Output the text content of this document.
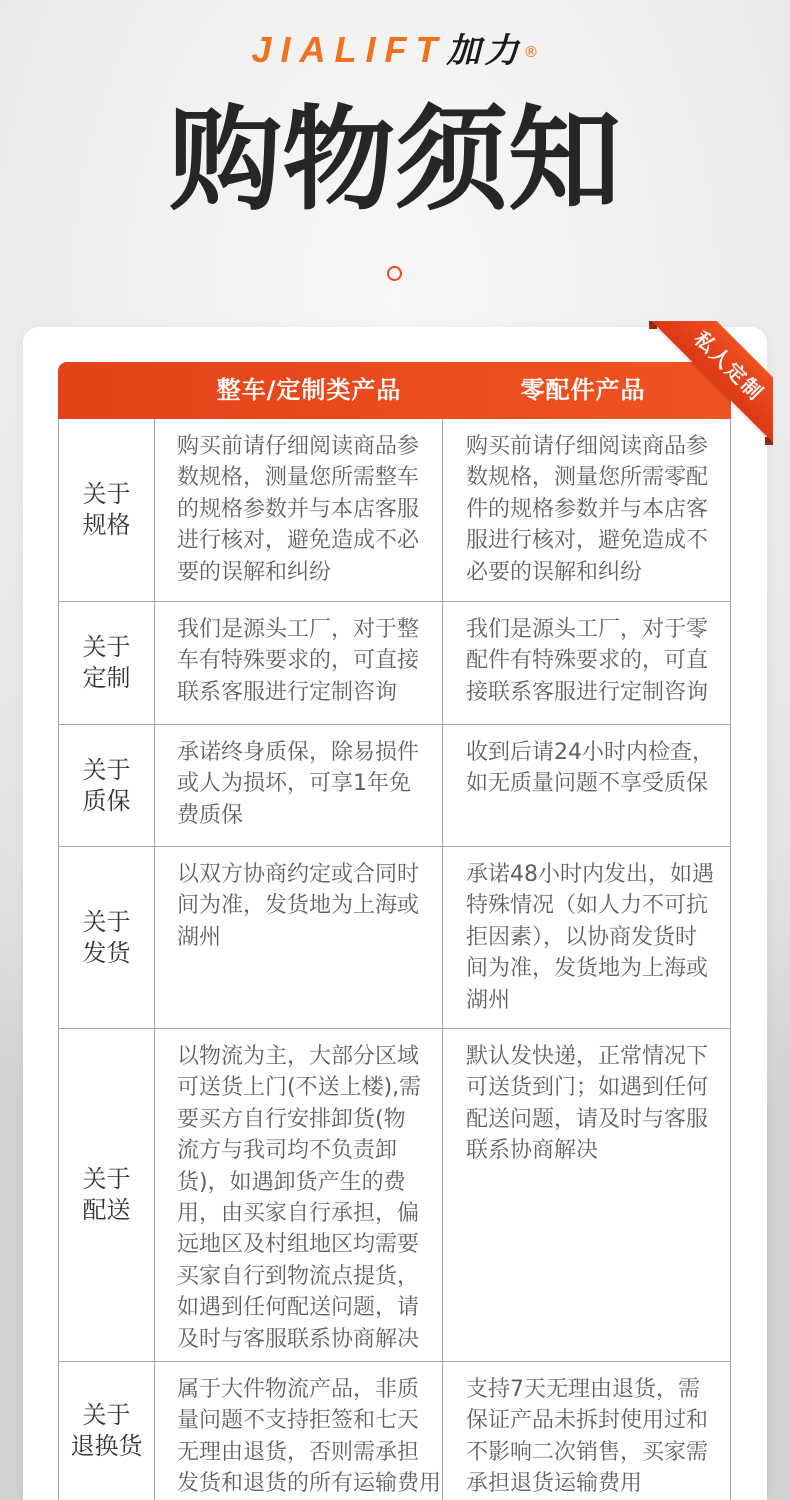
JIALIFT加力®
购物须知
私人定制
整车/定制类产品	零配件产品
关于
规格
购买前请仔细阅读商品参
数规格，测量您所需整车
的规格参数并与本店客服
进行核对，避免造成不必
要的误解和纠纷
购买前请仔细阅读商品参
数规格，测量您所需零配
件的规格参数并与本店客
服进行核对，避免造成不
必要的误解和纠纷
关于
定制
我们是源头工厂，对于整
车有特殊要求的，可直接
联系客服进行定制咨询
我们是源头工厂，对于零
配件有特殊要求的，可直
接联系客服进行定制咨询
关于
质保
承诺终身质保，除易损件
或人为损坏，可享1年免
费质保
收到后请24小时内检查，
如无质量问题不享受质保
关于
发货
以双方协商约定或合同时
间为准，发货地为上海或
湖州
承诺48小时内发出，如遇
特殊情况（如人力不可抗
拒因素），以协商发货时
间为准，发货地为上海或
湖州
关于
配送
以物流为主，大部分区域
可送货上门(不送上楼),需
要买方自行安排卸货(物
流方与我司均不负责卸
货)，如遇卸货产生的费
用，由买家自行承担，偏
远地区及村组地区均需要
买家自行到物流点提货，
如遇到任何配送问题，请
及时与客服联系协商解决
默认发快递，正常情况下
可送货到门；如遇到任何
配送问题，请及时与客服
联系协商解决
关于
退换货
属于大件物流产品，非质
量问题不支持拒签和七天
无理由退货，否则需承担
发货和退货的所有运输费用
支持7天无理由退货，需
保证产品未拆封使用过和
不影响二次销售，买家需
承担退货运输费用
